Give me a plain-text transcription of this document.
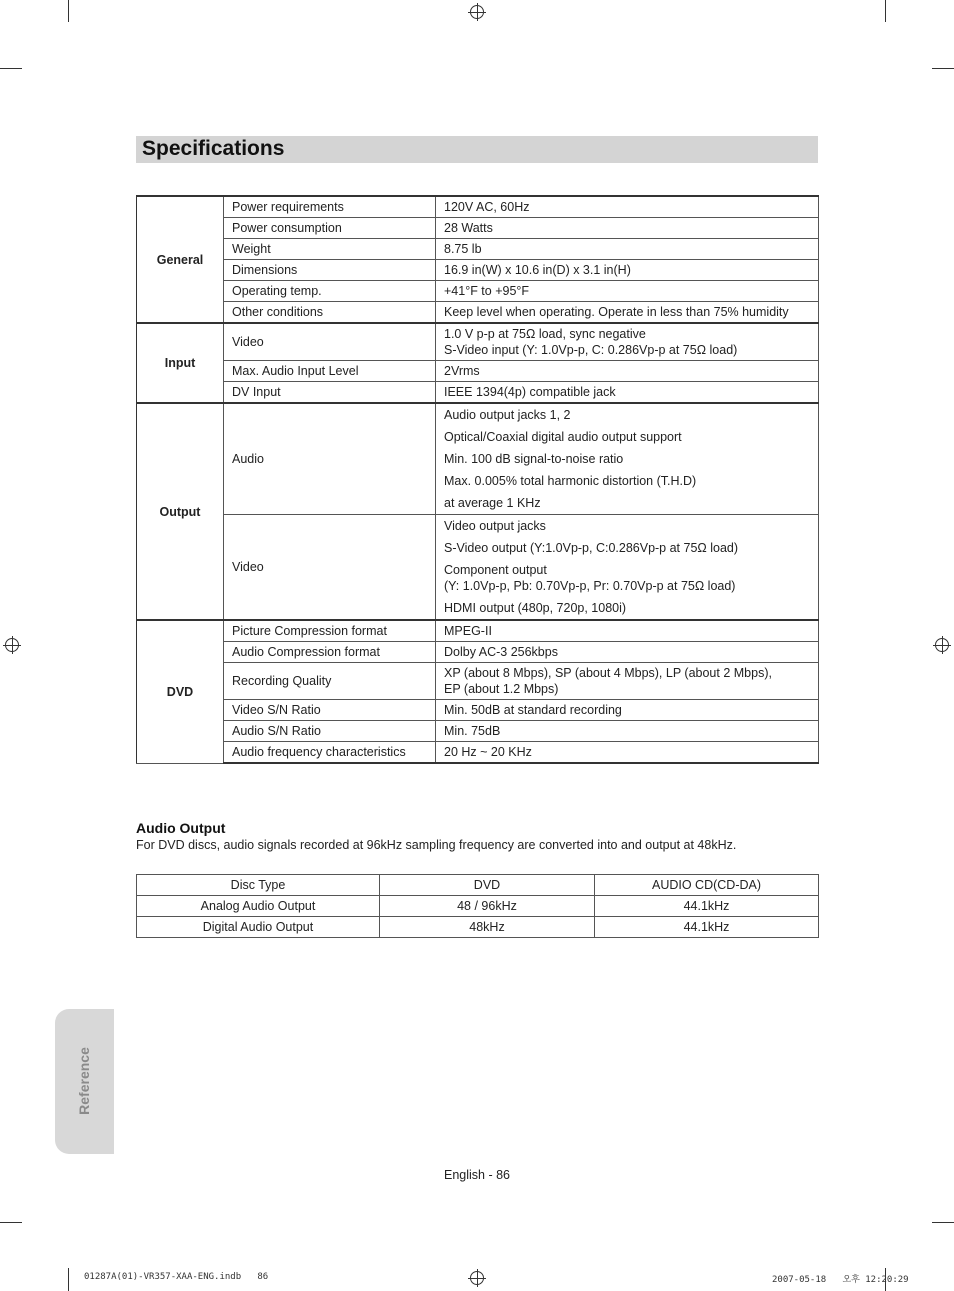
Specifications
General	Power requirements	120V AC, 60Hz
	Power consumption	28 Watts
	Weight	8.75 lb
	Dimensions	16.9 in(W) x 10.6 in(D) x 3.1 in(H)
	Operating temp.	+41°F to +95°F
	Other conditions	Keep level when operating. Operate in less than 75% humidity
Input	Video	1.0 V p-p at 75Ω load, sync negative
S-Video input (Y: 1.0Vp-p, C: 0.286Vp-p at 75Ω load)
	Max. Audio Input Level	2Vrms
	DV Input	IEEE 1394(4p) compatible jack
Output	Audio	Audio output jacks 1, 2
Optical/Coaxial digital audio output support
Min. 100 dB signal-to-noise ratio
Max. 0.005% total harmonic distortion (T.H.D)
at average 1 KHz

	Video	Video output jacks
S-Video output (Y:1.0Vp-p, C:0.286Vp-p at 75Ω load)
Component output
(Y: 1.0Vp-p, Pb: 0.70Vp-p, Pr: 0.70Vp-p at 75Ω load)
HDMI output (480p, 720p, 1080i)

DVD	Picture Compression format	MPEG-II
	Audio Compression format	Dolby AC-3 256kbps
	Recording Quality	XP (about 8 Mbps), SP (about 4 Mbps), LP (about 2 Mbps),
EP (about 1.2 Mbps)
	Video S/N Ratio	Min. 50dB at standard recording
	Audio S/N Ratio	Min. 75dB
	Audio frequency characteristics	20 Hz ~ 20 KHz
Audio Output
For DVD discs, audio signals recorded at 96kHz sampling frequency are converted into and output at 48kHz.
Disc Type	DVD	AUDIO CD(CD-DA)
Analog Audio Output	48 / 96kHz	44.1kHz
Digital Audio Output	48kHz	44.1kHz
Reference
English - 86
01287A(01)-VR357-XAA-ENG.indb   86	2007-05-18   오후 12:20:29
